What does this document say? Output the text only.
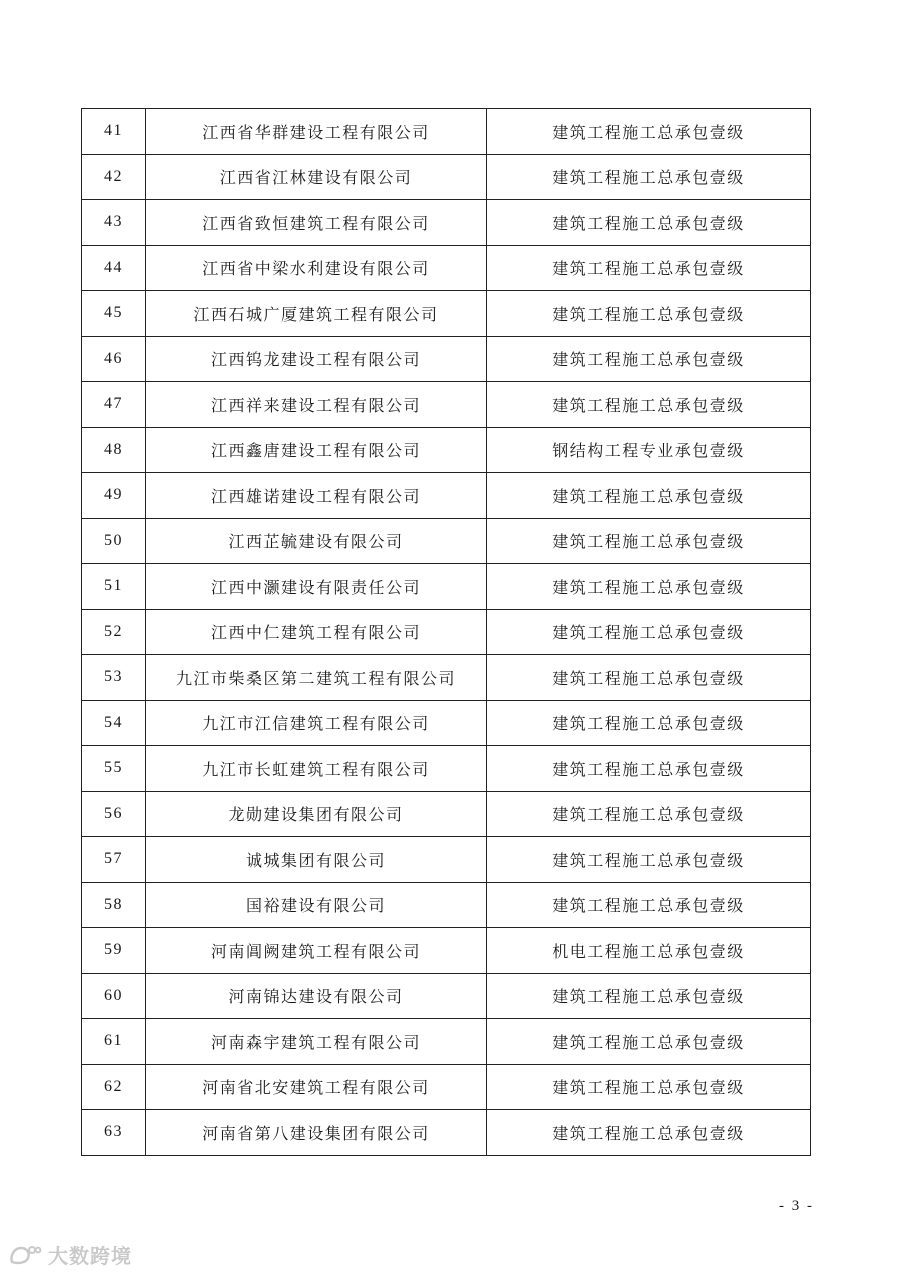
41	江西省华群建设工程有限公司	建筑工程施工总承包壹级
42	江西省江林建设有限公司	建筑工程施工总承包壹级
43	江西省致恒建筑工程有限公司	建筑工程施工总承包壹级
44	江西省中梁水利建设有限公司	建筑工程施工总承包壹级
45	江西石城广厦建筑工程有限公司	建筑工程施工总承包壹级
46	江西钨龙建设工程有限公司	建筑工程施工总承包壹级
47	江西祥来建设工程有限公司	建筑工程施工总承包壹级
48	江西鑫唐建设工程有限公司	钢结构工程专业承包壹级
49	江西雄诺建设工程有限公司	建筑工程施工总承包壹级
50	江西芷毓建设有限公司	建筑工程施工总承包壹级
51	江西中灏建设有限责任公司	建筑工程施工总承包壹级
52	江西中仁建筑工程有限公司	建筑工程施工总承包壹级
53	九江市柴桑区第二建筑工程有限公司	建筑工程施工总承包壹级
54	九江市江信建筑工程有限公司	建筑工程施工总承包壹级
55	九江市长虹建筑工程有限公司	建筑工程施工总承包壹级
56	龙勋建设集团有限公司	建筑工程施工总承包壹级
57	诚城集团有限公司	建筑工程施工总承包壹级
58	国裕建设有限公司	建筑工程施工总承包壹级
59	河南阊阙建筑工程有限公司	机电工程施工总承包壹级
60	河南锦达建设有限公司	建筑工程施工总承包壹级
61	河南森宇建筑工程有限公司	建筑工程施工总承包壹级
62	河南省北安建筑工程有限公司	建筑工程施工总承包壹级
63	河南省第八建设集团有限公司	建筑工程施工总承包壹级
- 3 -
大数跨境
